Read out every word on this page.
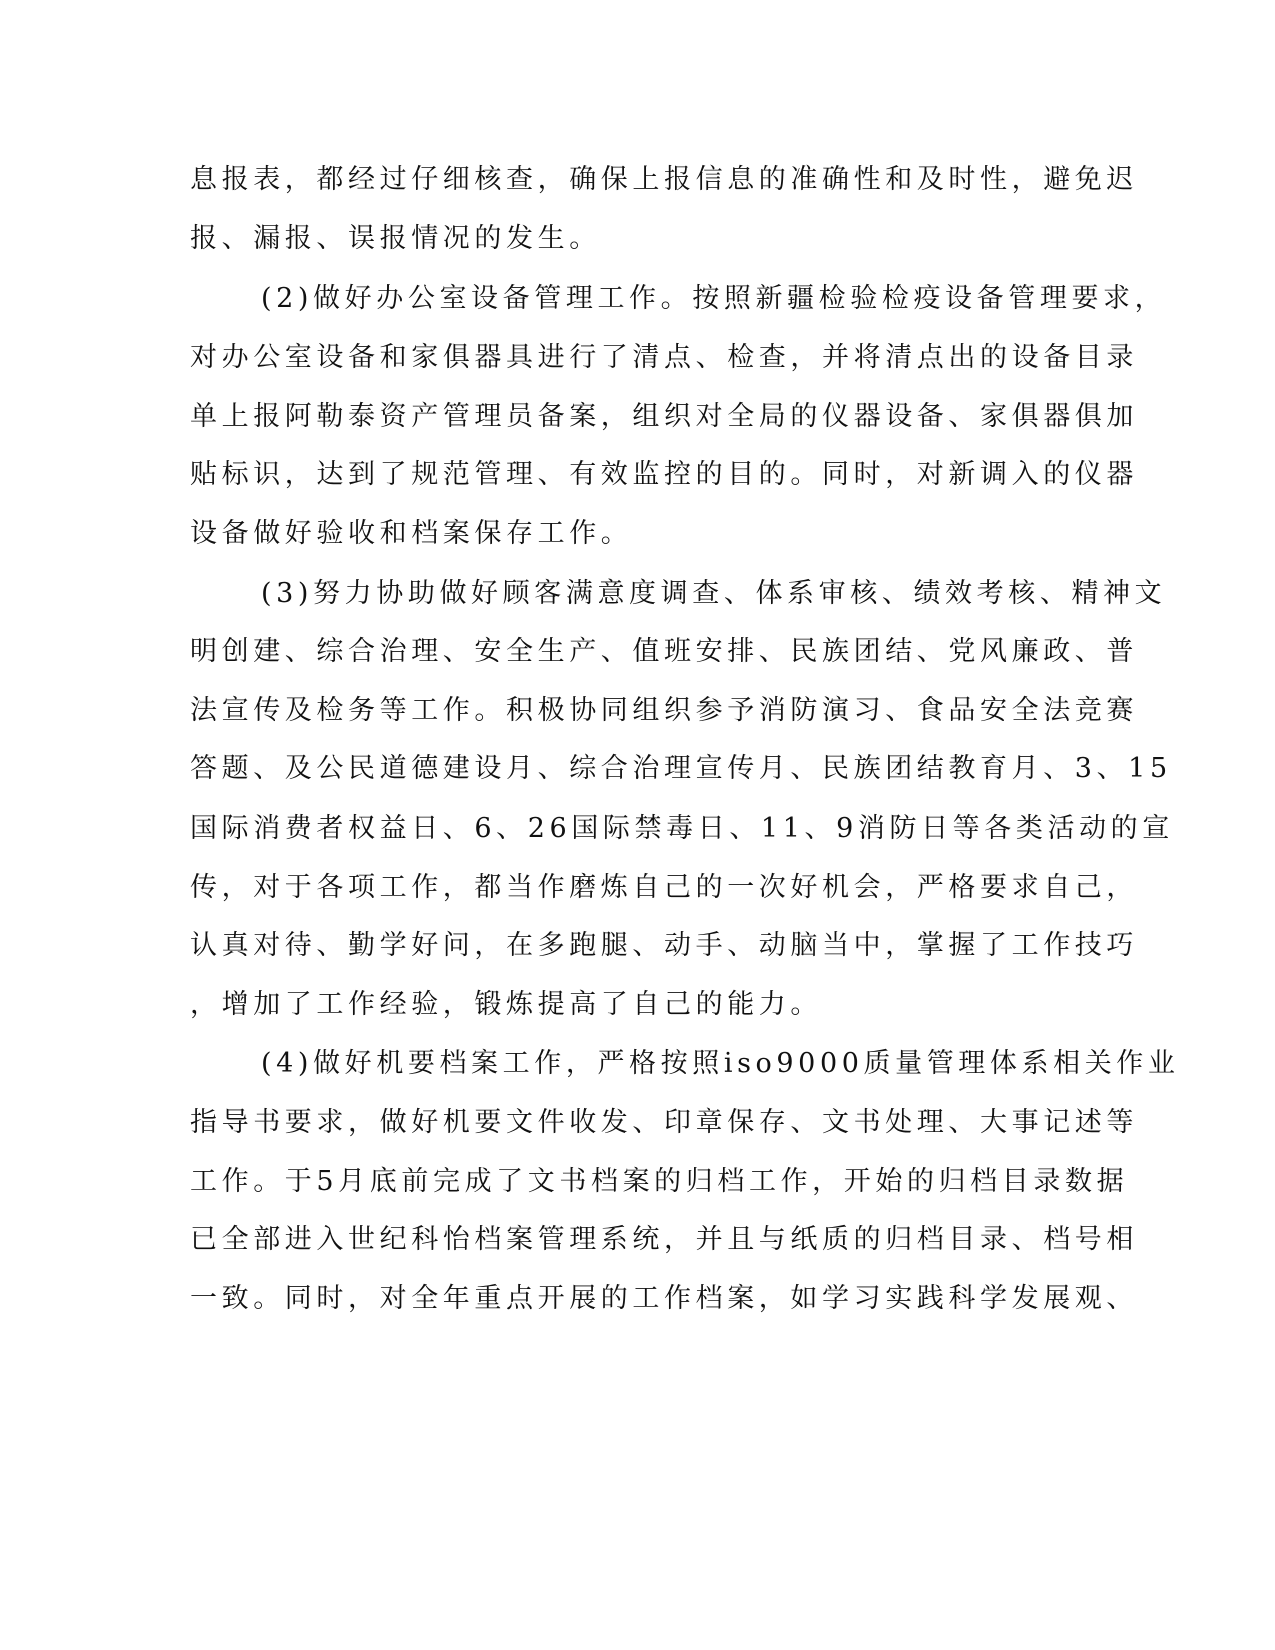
息报表，都经过仔细核查，确保上报信息的准确性和及时性，避免迟
报、漏报、误报情况的发生。
(2)做好办公室设备管理工作。按照新疆检验检疫设备管理要求，
对办公室设备和家俱器具进行了清点、检查，并将清点出的设备目录
单上报阿勒泰资产管理员备案，组织对全局的仪器设备、家俱器俱加
贴标识，达到了规范管理、有效监控的目的。同时，对新调入的仪器
设备做好验收和档案保存工作。
(3)努力协助做好顾客满意度调查、体系审核、绩效考核、精神文
明创建、综合治理、安全生产、值班安排、民族团结、党风廉政、普
法宣传及检务等工作。积极协同组织参予消防演习、食品安全法竞赛
答题、及公民道德建设月、综合治理宣传月、民族团结教育月、3、15
国际消费者权益日、6、26国际禁毒日、11、9消防日等各类活动的宣
传，对于各项工作，都当作磨炼自己的一次好机会，严格要求自己，
认真对待、勤学好问，在多跑腿、动手、动脑当中，掌握了工作技巧
，增加了工作经验，锻炼提高了自己的能力。
(4)做好机要档案工作，严格按照iso9000质量管理体系相关作业
指导书要求，做好机要文件收发、印章保存、文书处理、大事记述等
工作。于5月底前完成了文书档案的归档工作，开始的归档目录数据
已全部进入世纪科怡档案管理系统，并且与纸质的归档目录、档号相
一致。同时，对全年重点开展的工作档案，如学习实践科学发展观、
